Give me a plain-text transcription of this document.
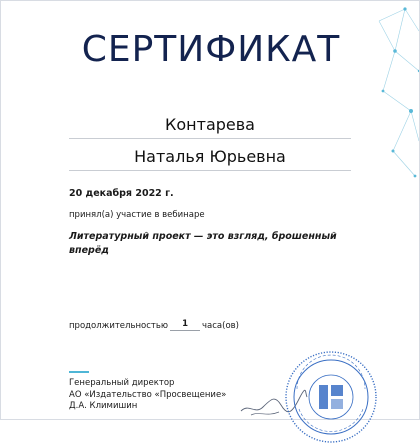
СЕРТИФИКАТ
Контарева
Наталья Юрьевна
20 декабря 2022 г.
принял(а) участие в вебинаре
Литературный проект — это взгляд, брошенный вперёд
продолжительностью	1	часа(ов)
Генеральный директор
АО «Издательство «Просвещение»
Д.А. Климишин
